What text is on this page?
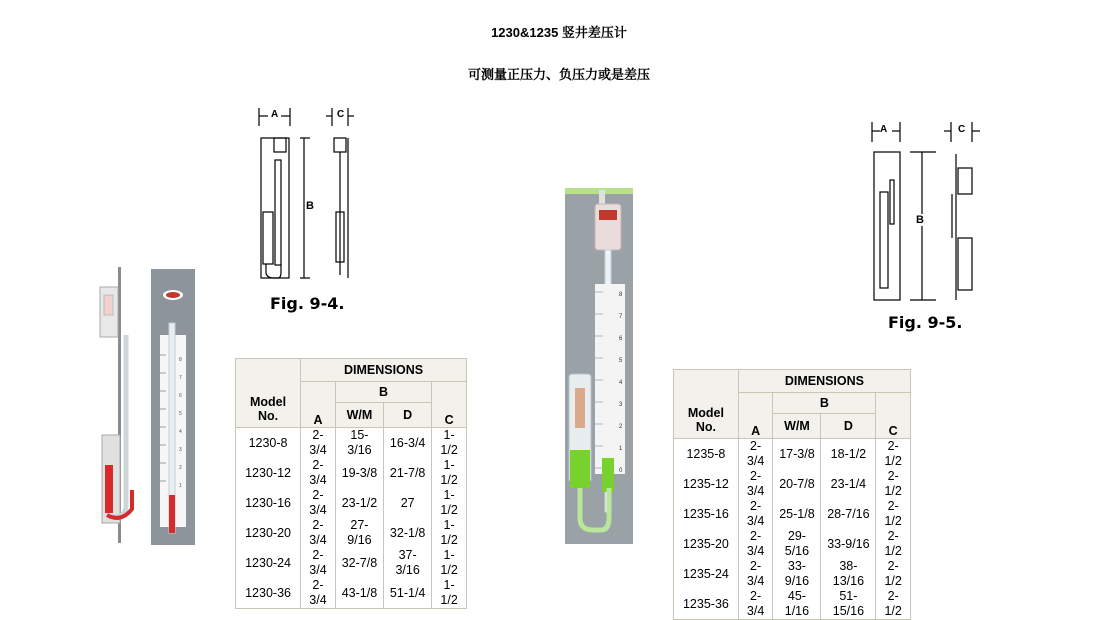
1230&1235 竖井差压计
可测量正压力、负压力或是差压
8
7
6
5
4
3
2
1
A	C
B
Fig. 9-4.
Model No.	DIMENSIONS			
	A	B		C
		W/M	D	
1230-8	2-3/4	15-3/16	16-3/4	1-1/2
1230-12	2-3/4	19-3/8	21-7/8	1-1/2
1230-16	2-3/4	23-1/2	27	1-1/2
1230-20	2-3/4	27-9/16	32-1/8	1-1/2
1230-24	2-3/4	32-7/8	37-3/16	1-1/2
1230-36	2-3/4	43-1/8	51-1/4	1-1/2
8
7
6
5
4
3
2
1
0
Model No.	DIMENSIONS			
	A	B		C
		W/M	D	
1235-8	2-3/4	17-3/8	18-1/2	2-1/2
1235-12	2-3/4	20-7/8	23-1/4	2-1/2
1235-16	2-3/4	25-1/8	28-7/16	2-1/2
1235-20	2-3/4	29-5/16	33-9/16	2-1/2
1235-24	2-3/4	33-9/16	38-13/16	2-1/2
1235-36	2-3/4	45-1/16	51-15/16	2-1/2
A	C
B
Fig. 9-5.
